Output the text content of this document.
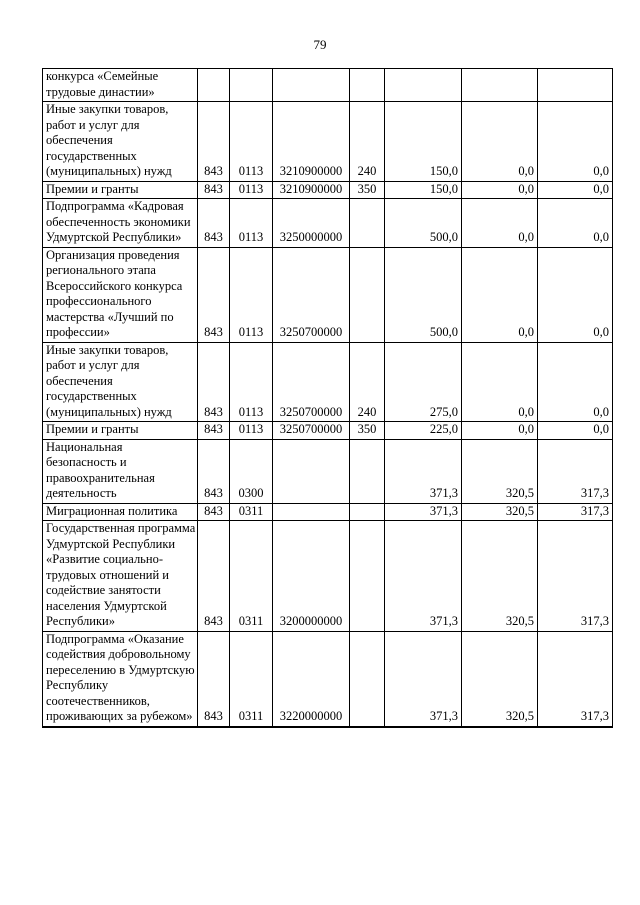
79
конкурса «Семейные трудовые династии»							
Иные закупки товаров, работ и услуг для обеспечения государственных (муниципальных) нужд	843	0113	3210900000	240	150,0	0,0	0,0
Премии и гранты	843	0113	3210900000	350	150,0	0,0	0,0
Подпрограмма «Кадровая обеспеченность экономики Удмуртской Республики»	843	0113	3250000000		500,0	0,0	0,0
Организация проведения регионального этапа Всероссийского конкурса профессионального мастерства «Лучший по профессии»	843	0113	3250700000		500,0	0,0	0,0
Иные закупки товаров, работ и услуг для обеспечения государственных (муниципальных) нужд	843	0113	3250700000	240	275,0	0,0	0,0
Премии и гранты	843	0113	3250700000	350	225,0	0,0	0,0
Национальная безопасность и правоохранительная деятельность	843	0300			371,3	320,5	317,3
Миграционная политика	843	0311			371,3	320,5	317,3
Государственная программа Удмуртской Республики «Развитие социально-трудовых отношений и содействие занятости населения Удмуртской Республики»	843	0311	3200000000		371,3	320,5	317,3
Подпрограмма «Оказание содействия добровольному переселению в Удмуртскую Республику соотечественников, проживающих за рубежом»	843	0311	3220000000		371,3	320,5	317,3
